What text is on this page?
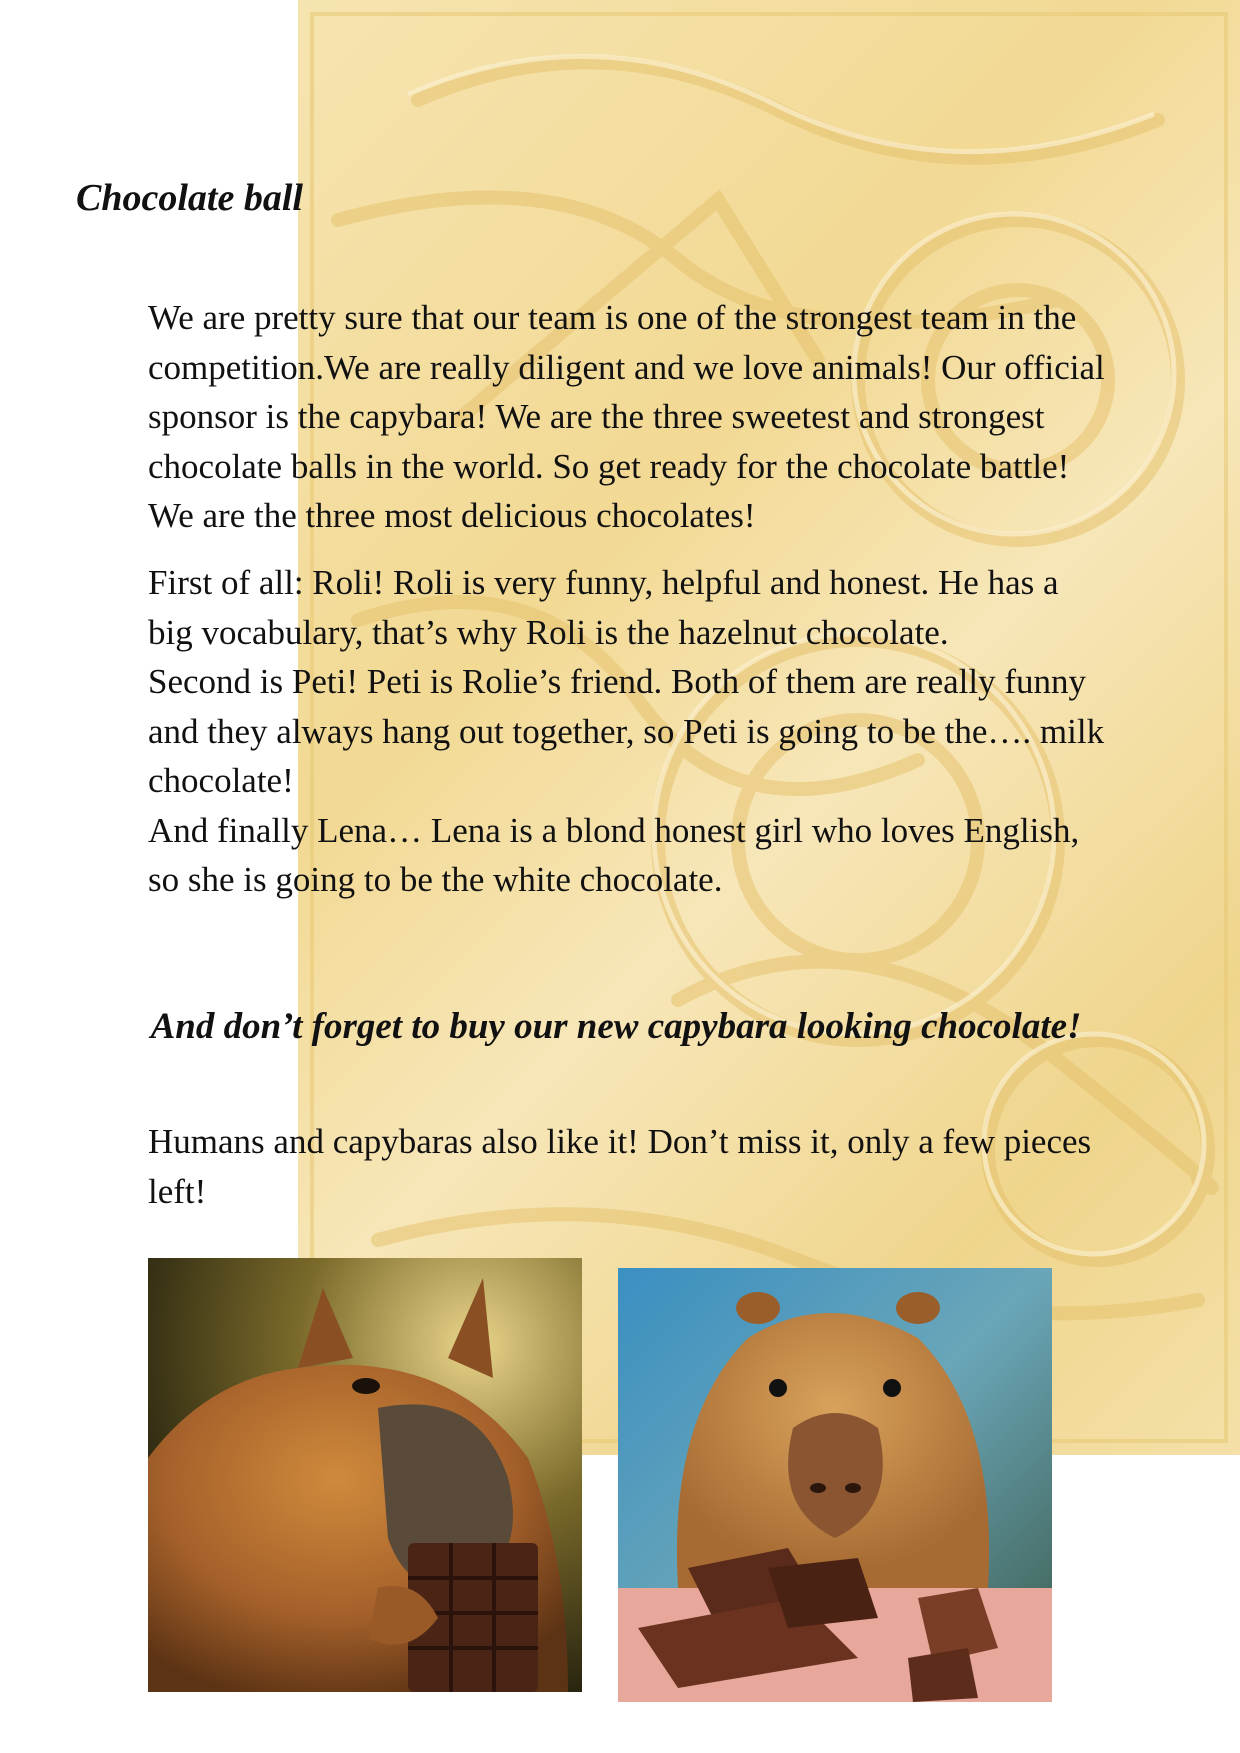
Chocolate ball

We are pretty sure that our team is one of the strongest team in the competition.We are really diligent and we love animals! Our official sponsor is the capybara! We are the three sweetest and strongest chocolate balls in the world. So get ready for the chocolate battle! We are the three most delicious chocolates!

First of all: Roli! Roli is very funny, helpful and honest. He has a big vocabulary, that’s why Roli is the hazelnut chocolate.
Second is Peti! Peti is Rolie’s friend. Both of them are really funny and they always hang out together, so Peti is going to be the…. milk chocolate!
And finally Lena… Lena is a blond honest girl who loves English, so she is going to be the white chocolate.

And don’t forget to buy our new capybara looking chocolate!

Humans and capybaras also like it! Don’t miss it, only a few pieces left!
